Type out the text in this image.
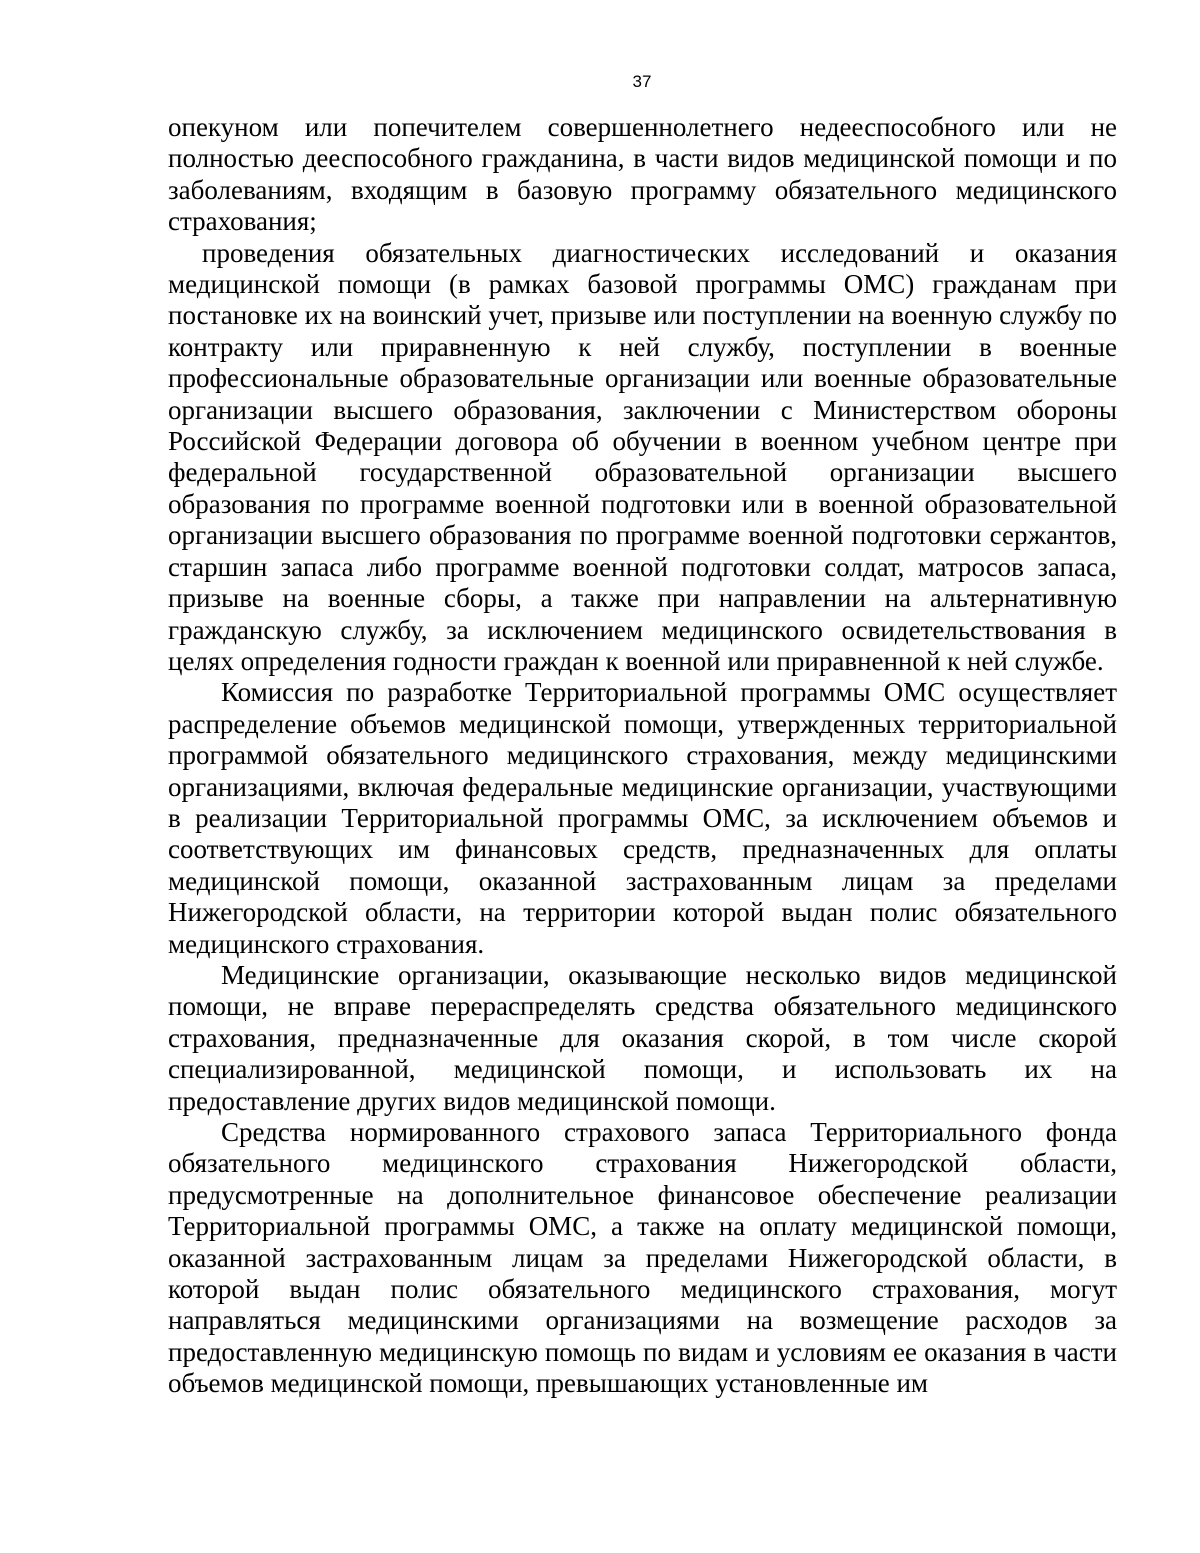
37

опекуном или попечителем совершеннолетнего недееспособного или не полностью дееспособного гражданина, в части видов медицинской помощи и по заболеваниям, входящим в базовую программу обязательного медицинского страхования;

проведения обязательных диагностических исследований и оказания медицинской помощи (в рамках базовой программы ОМС) гражданам при постановке их на воинский учет, призыве или поступлении на военную службу по контракту или приравненную к ней службу, поступлении в военные профессиональные образовательные организации или военные образовательные организации высшего образования, заключении с Министерством обороны Российской Федерации договора об обучении в военном учебном центре при федеральной государственной образовательной организации высшего образования по программе военной подготовки или в военной образовательной организации высшего образования по программе военной подготовки сержантов, старшин запаса либо программе военной подготовки солдат, матросов запаса, призыве на военные сборы, а также при направлении на альтернативную гражданскую службу, за исключением медицинского освидетельствования в целях определения годности граждан к военной или приравненной к ней службе.

Комиссия по разработке Территориальной программы ОМС осуществляет распределение объемов медицинской помощи, утвержденных территориальной программой обязательного медицинского страхования, между медицинскими организациями, включая федеральные медицинские организации, участвующими в реализации Территориальной программы ОМС, за исключением объемов и соответствующих им финансовых средств, предназначенных для оплаты медицинской помощи, оказанной застрахованным лицам за пределами Нижегородской области, на территории которой выдан полис обязательного медицинского страхования.

Медицинские организации, оказывающие несколько видов медицинской помощи, не вправе перераспределять средства обязательного медицинского страхования, предназначенные для оказания скорой, в том числе скорой специализированной, медицинской помощи, и использовать их на предоставление других видов медицинской помощи.

Средства нормированного страхового запаса Территориального фонда обязательного медицинского страхования Нижегородской области, предусмотренные на дополнительное финансовое обеспечение реализации Территориальной программы ОМС, а также на оплату медицинской помощи, оказанной застрахованным лицам за пределами Нижегородской области, в которой выдан полис обязательного медицинского страхования, могут направляться медицинскими организациями на возмещение расходов за предоставленную медицинскую помощь по видам и условиям ее оказания в части объемов медицинской помощи, превышающих установленные им
